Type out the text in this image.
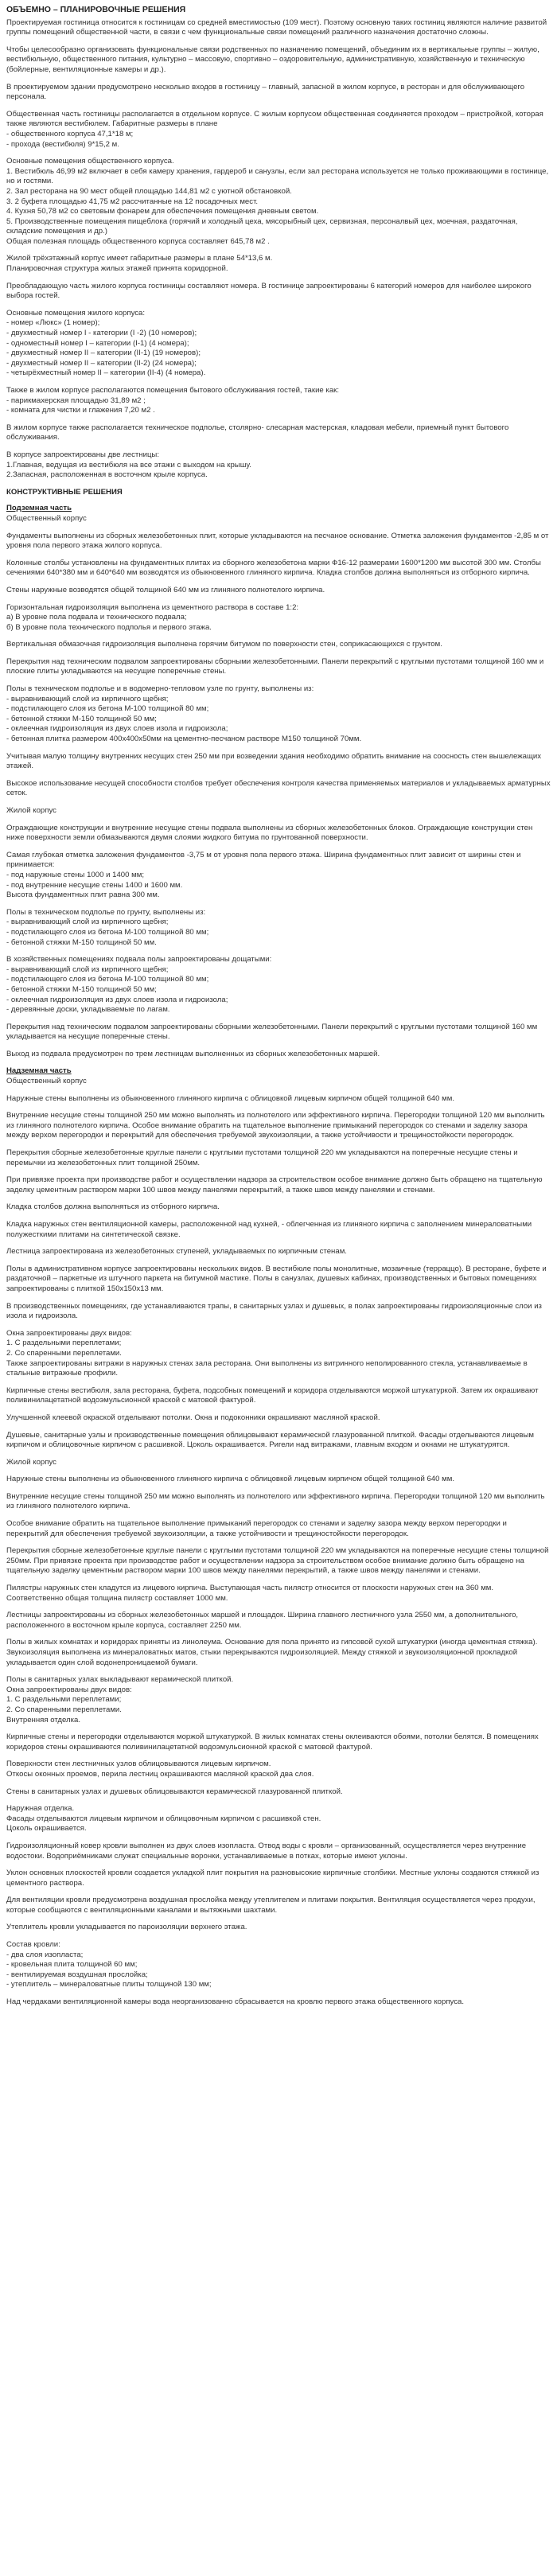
ОБЪЕМНО – ПЛАНИРОВОЧНЫЕ РЕШЕНИЯ
Проектируемая гостиница относится к гостиницам со средней вместимостью (109 мест). Поэтому основную таких гостиниц являются наличие развитой группы помещений общественной части, в связи с чем функциональные связи помещений различного назначения достаточно сложны.
Чтобы целесообразно организовать функциональные связи родственных по назначению помещений, объединим их в вертикальные группы – жилую, вестибюльную, общественного питания, культурно – массовую, спортивно – оздоровительную, административную, хозяйственную и техническую (бойлерные, вентиляционные камеры и др.).
В проектируемом здании предусмотрено несколько входов в гостиницу – главный, запасной в жилом корпусе, в ресторан и для обслуживающего персонала.
Общественная часть гостиницы располагается в отдельном корпусе. С жилым корпусом общественная соединяется проходом – пристройкой, которая также являются вестибюлем. Габаритные размеры в плане
- общественного корпуса 47,1*18 м;
- прохода (вестибюля) 9*15,2 м.
Основные помещения общественного корпуса.
1. Вестибюль 46,99 м2 включает в себя камеру хранения, гардероб и санузлы, если зал ресторана используется не только проживающими в гостинице, но и гостями.
2. Зал ресторана на 90 мест общей площадью 144,81 м2 с уютной обстановкой.
3. 2 буфета площадью 41,75 м2 рассчитанные на 12 посадочных мест.
4. Кухня 50,78 м2 со световым фонарем для обеспечения помещения дневным светом.
5. Производственные помещения пищеблока (горячий и холодный цеха, мясорыбный цех, сервизная, персоналвый цех, моечная, раздаточная, складские помещения и др.)
Общая полезная площадь общественного корпуса составляет 645,78 м2 .
Жилой трёхэтажный корпус имеет габаритные размеры в плане 54*13,6 м.
Планировочная структура жилых этажей принята коридорной.
Преобладающую часть жилого корпуса гостиницы составляют номера. В гостинице запроектированы 6 категорий номеров для наиболее широкого выбора гостей.
Основные помещения жилого корпуса:
- номер «Люкс» (1 номер);
- двухместный номер I - категории (I -2) (10 номеров);
- одноместный номер I – категории (I-1) (4 номера);
- двухместный номер II – категории (II-1) (19 номеров);
- двухместный номер II – категории (II-2) (24 номера);
- четырёхместный номер II – категории (II-4) (4 номера).
Также в жилом корпусе располагаются помещения бытового обслуживания гостей, такие как:
- парикмахерская площадью 31,89 м2 ;
- комната для чистки и глажения 7,20 м2 .
В жилом корпусе также располагается техническое подполье, столярно- слесарная мастерская, кладовая мебели, приемный пункт бытового обслуживания.
В корпусе запроектированы две лестницы:
1.Главная, ведущая из вестибюля на все этажи с выходом на крышу.
2.Запасная, расположенная в восточном крыле корпуса.
КОНСТРУКТИВНЫЕ РЕШЕНИЯ
Подземная часть
Общественный корпус
Фундаменты выполнены из сборных железобетонных плит, которые укладываются на песчаное основание. Отметка заложения фундаментов -2,85 м от уровня пола первого этажа жилого корпуса.
Колонные столбы установлены на фундаментных плитах из сборного железобетона марки Ф16-12 размерами 1600*1200 мм высотой 300 мм. Столбы сечениями 640*380 мм и 640*640 мм возводятся из обыкновенного глиняного кирпича. Кладка столбов должна выполняться из отборного кирпича.
Стены наружные возводятся общей толщиной 640 мм из глиняного полнотелого кирпича.
Горизонтальная гидроизоляция выполнена из цементного раствора в составе 1:2:
а) В уровне пола подвала и технического подвала;
б) В уровне пола технического подполья и первого этажа.
Вертикальная обмазочная гидроизоляция выполнена горячим битумом по поверхности стен, соприкасающихся с грунтом.
Перекрытия над техническим подвалом запроектированы сборными железобетонными. Панели перекрытий с круглыми пустотами толщиной 160 мм и плоские плиты укладываются на несущие поперечные стены.
Полы в техническом подполье и в водомерно-тепловом узле по грунту, выполнены из:
- выравнивающий слой из кирпичного щебня;
- подстилающего слоя из бетона М-100 толщиной 80 мм;
- бетонной стяжки М-150 толщиной 50 мм;
- оклеечная гидроизоляция из двух слоев изола и гидроизола;
- бетонная плитка размером 400х400х50мм на цементно-песчаном растворе М150 толщиной 70мм.
Учитывая малую толщину внутренних несущих стен 250 мм при возведении здания необходимо обратить внимание на соосность стен вышележащих этажей.
Высокое использование несущей способности столбов требует обеспечения контроля качества применяемых материалов и укладываемых арматурных сеток.
Жилой корпус
Ограждающие конструкции и внутренние несущие стены подвала выполнены из сборных железобетонных блоков. Ограждающие конструкции стен ниже поверхности земли обмазываются двумя слоями жидкого битума по грунтованной поверхности.
Самая глубокая отметка заложения фундаментов -3,75 м от уровня пола первого этажа. Ширина фундаментных плит зависит от ширины стен и принимается:
- под наружные стены 1000 и 1400 мм;
- под внутренние несущие стены 1400 и 1600 мм.
Высота фундаментных плит равна 300 мм.
Полы в техническом подполье по грунту, выполнены из:
- выравнивающий слой из кирпичного щебня;
- подстилающего слоя из бетона М-100 толщиной 80 мм;
- бетонной стяжки М-150 толщиной 50 мм.
В хозяйственных помещениях подвала полы запроектированы дощатыми:
- выравнивающий слой из кирпичного щебня;
- подстилающего слоя из бетона М-100 толщиной 80 мм;
- бетонной стяжки М-150 толщиной 50 мм;
- оклеечная гидроизоляция из двух слоев изола и гидроизола;
- деревянные доски, укладываемые по лагам.
Перекрытия над техническим подвалом запроектированы сборными железобетонными. Панели перекрытий с круглыми пустотами толщиной 160 мм укладывается на несущие поперечные стены.
Выход из подвала предусмотрен по трем лестницам выполненных из сборных железобетонных маршей.
Надземная часть
Общественный корпус
Наружные стены выполнены из обыкновенного глиняного кирпича с облицовкой лицевым кирпичом общей толщиной 640 мм.
Внутренние несущие стены толщиной 250 мм можно выполнять из полнотелого или эффективного кирпича. Перегородки толщиной 120 мм выполнить из глиняного полнотелого кирпича. Особое внимание обратить на тщательное выполнение примыканий перегородок со стенами и заделку зазора между верхом перегородки и перекрытий для обеспечения требуемой звукоизоляции, а также устойчивости и трещиностойкости перегородок.
Перекрытия сборные железобетонные круглые панели с круглыми пустотами толщиной 220 мм укладываются на поперечные несущие стены и перемычки из железобетонных плит толщиной 250мм.
При привязке проекта при производстве работ и осуществлении надзора за строительством особое внимание должно быть обращено на тщательную заделку цементным раствором марки 100 швов между панелями перекрытий, а также швов между панелями и стенами.
Кладка столбов должна выполняться из отборного кирпича.
Кладка наружных стен вентиляционной камеры, расположенной над кухней, - облегченная из глиняного кирпича с заполнением минераловатными полужесткими плитами на синтетической связке.
Лестница запроектирована из железобетонных ступеней, укладываемых по кирпичным стенам.
Полы в административном корпусе запроектированы нескольких видов. В вестибюле полы монолитные, мозаичные (терраццо). В ресторане, буфете и раздаточной – паркетные из штучного паркета на битумной мастике. Полы в санузлах, душевых кабинах, производственных и бытовых помещениях запроектированы с плиткой 150х150х13 мм.
В производственных помещениях, где устанавливаются трапы, в санитарных узлах и душевых, в полах запроектированы гидроизоляционные слои из изола и гидроизола.
Окна запроектированы двух видов:
1. С раздельными переплетами;
2. Со спаренными переплетами.
Также запроектированы витражи в наружных стенах зала ресторана. Они выполнены из витринного неполированного стекла, устанавливаемые в стальные витражные профили.
Кирпичные стены вестибюля, зала ресторана, буфета, подсобных помещений и коридора отделываются моржой штукатуркой. Затем их окрашивают поливинилацетатной водоэмульсионной краской с матовой фактурой.
Улучшенной клеевой окраской отделывают потолки. Окна и подоконники окрашивают масляной краской.
Душевые, санитарные узлы и производственные помещения облицовывают керамической глазурованной плиткой. Фасады отделываются лицевым кирпичом и облицовочные кирпичом с расшивкой. Цоколь окрашивается. Ригели над витражами, главным входом и окнами не штукатурятся.
Жилой корпус
Наружные стены выполнены из обыкновенного глиняного кирпича с облицовкой лицевым кирпичом общей толщиной 640 мм.
Внутренние несущие стены толщиной 250 мм можно выполнять из полнотелого или эффективного кирпича. Перегородки толщиной 120 мм выполнить из глиняного полнотелого кирпича.
Особое внимание обратить на тщательное выполнение примыканий перегородок со стенами и заделку зазора между верхом перегородки и перекрытий для обеспечения требуемой звукоизоляции, а также устойчивости и трещиностойкости перегородок.
Перекрытия сборные железобетонные круглые панели с круглыми пустотами толщиной 220 мм укладываются на поперечные несущие стены толщиной 250мм. При привязке проекта при производстве работ и осуществлении надзора за строительством особое внимание должно быть обращено на тщательную заделку цементным раствором марки 100 швов между панелями перекрытий, а также швов между панелями и стенами.
Пилястры наружных стен кладутся из лицевого кирпича. Выступающая часть пилястр относится от плоскости наружных стен на 360 мм. Соответственно общая толщина пилястр составляет 1000 мм.
Лестницы запроектированы из сборных железобетонных маршей и площадок. Ширина главного лестничного узла 2550 мм, а дополнительного, расположенного в восточном крыле корпуса, составляет 2250 мм.
Полы в жилых комнатах и коридорах приняты из линолеума. Основание для пола принято из гипсовой сухой штукатурки (иногда цементная стяжка). Звукоизоляция выполнена из минераловатных матов, стыки перекрываются гидроизоляцией. Между стяжкой и звукоизоляционной прокладкой укладывается один слой водонепроницаемой бумаги.
Полы в санитарных узлах выкладывают керамической плиткой.
Окна запроектированы двух видов:
1. С раздельными переплетами;
2. Со спаренными переплетами.
Внутренняя отделка.
Кирпичные стены и перегородки отделываются моржой штукатуркой. В жилых комнатах стены оклеиваются обоями, потолки белятся. В помещениях коридоров стены окрашиваются поливинилацетатной водоэмульсионной краской с матовой фактурой.
Поверхности стен лестничных узлов облицовываются лицевым кирпичом.
Откосы оконных проемов, перила лестниц окрашиваются масляной краской два слоя.
Стены в санитарных узлах и душевых облицовываются керамической глазурованной плиткой.
Наружная отделка.
Фасады отделываются лицевым кирпичом и облицовочным кирпичом с расшивкой стен.
Цоколь окрашивается.
Гидроизоляционный ковер кровли выполнен из двух слоев изопласта. Отвод воды с кровли – организованный, осуществляется через внутренние водостоки. Водоприёмниками служат специальные воронки, устанавливаемые в потках, которые имеют уклоны.
Уклон основных плоскостей кровли создается укладкой плит покрытия на разновысокие кирпичные столбики. Местные уклоны создаются стяжкой из цементного раствора.
Для вентиляции кровли предусмотрена воздушная прослойка между утеплителем и плитами покрытия. Вентиляция осуществляется через продухи, которые сообщаются с вентиляционными каналами и вытяжными шахтами.
Утеплитель кровли укладывается по пароизоляции верхнего этажа.
Состав кровли:
- два слоя изопласта;
- кровельная плита толщиной 60 мм;
- вентилируемая воздушная прослойка;
- утеплитель – минераловатные плиты толщиной 130 мм;
Над чердаками вентиляционной камеры вода неорганизованно сбрасывается на кровлю первого этажа общественного корпуса.
